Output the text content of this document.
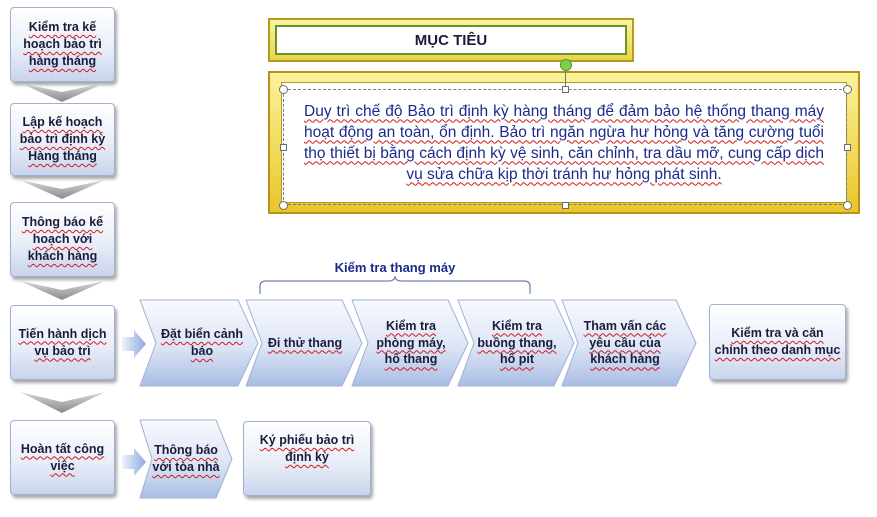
Kiểm tra kế hoạch bảo trì hàng tháng
Lập kế hoạch bảo trì định kỳ Hàng tháng
Thông báo kế hoạch với khách hàng
Tiến hành dịch vụ bảo trì
Hoàn tất công việc
MỤC TIÊU
Duy trì chế độ Bảo trì định kỳ hàng tháng để đảm bảo hệ thống thang máy hoạt động an toàn, ổn định. Bảo trì ngăn ngừa hư hỏng và tăng cường tuổi thọ thiết bị bằng cách định kỳ vệ sinh, căn chỉnh, tra dầu mỡ, cung cấp dịch vụ sửa chữa kịp thời tránh hư hỏng phát sinh.
Kiểm tra thang máy
Đặt biển cảnh báo
Đi thử thang
Kiểm tra phòng máy, hố thang
Kiểm tra buồng thang, hố pit
Tham vấn các yêu cầu của khách hàng
Kiểm tra và căn chỉnh theo danh mục
Thông báo với tòa nhà
Ký phiếu bảo trì định kỳ
